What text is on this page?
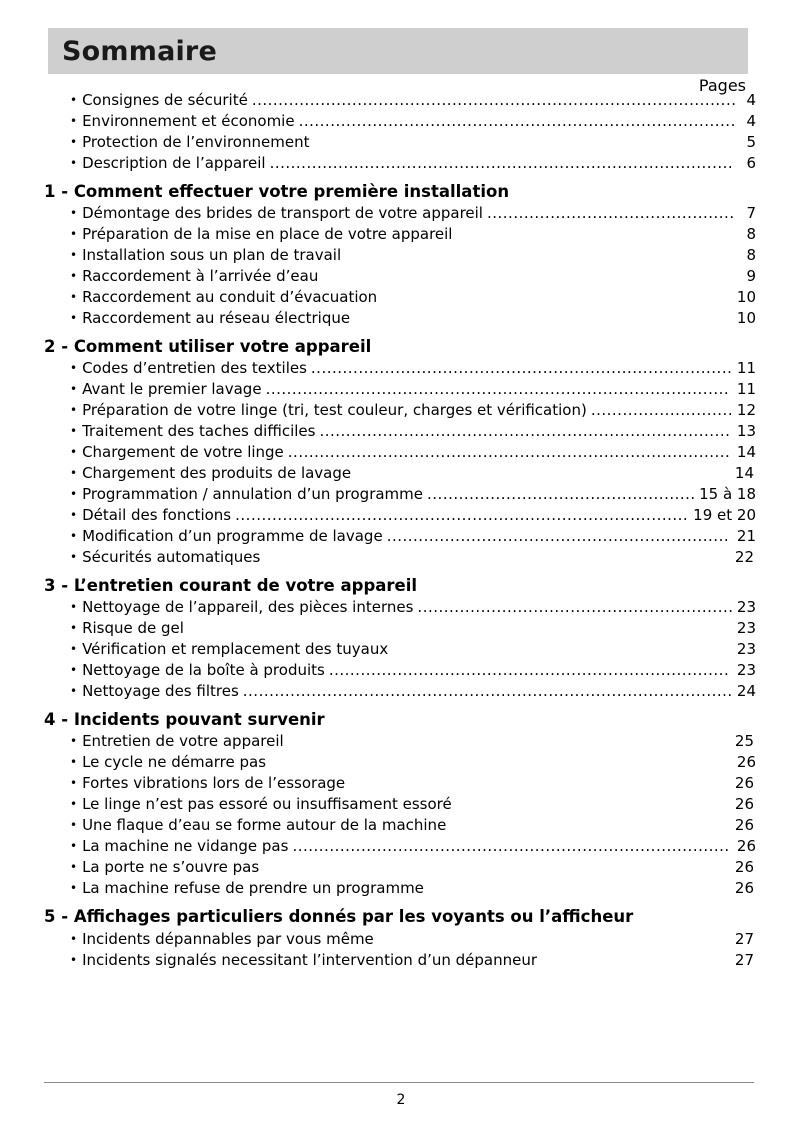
Sommaire
Pages
• Consignes de sécurité ............................................................................................ 4
• Environnement et économie ................................................................................... 4
• Protection de l’environnement	5
• Description de l’appareil ........................................................................................ 6
1 - Comment effectuer votre première installation
• Démontage des brides de transport de votre appareil ............................................... 7
• Préparation de la mise en place de votre appareil	8
• Installation sous un plan de travail	8
• Raccordement à l’arrivée d’eau	9
• Raccordement au conduit d’évacuation	10
• Raccordement au réseau électrique	10
2 - Comment utiliser votre appareil
• Codes d’entretien des textiles ................................................................................ 11
• Avant le premier lavage ........................................................................................ 11
• Préparation de votre linge (tri, test couleur, charges et vérification) ........................... 12
• Traitement des taches difficiles .............................................................................. 13
• Chargement de votre linge .................................................................................... 14
• Chargement des produits de lavage	14
• Programmation / annulation d’un programme ................................................... 15 à 18
• Détail des fonctions ...................................................................................... 19 et 20
• Modification d’un programme de lavage ................................................................. 21
• Sécurités automatiques	22
3 - L’entretien courant de votre appareil
• Nettoyage de l’appareil, des pièces internes ............................................................ 23
• Risque de gel	23
• Vérification et remplacement des tuyaux	23
• Nettoyage de la boîte à produits ............................................................................ 23
• Nettoyage des filtres ............................................................................................. 24
4 - Incidents pouvant survenir
• Entretien de votre appareil	25
• Le cycle ne démarre pas	26
• Fortes vibrations lors de l’essorage	26
• Le linge n’est pas essoré ou insuffisament essoré	26
• Une flaque d’eau se forme autour de la machine	26
• La machine ne vidange pas ................................................................................... 26
• La porte ne s’ouvre pas	26
• La machine refuse de prendre un programme	26
5 - Affichages particuliers donnés par les voyants ou l’afficheur
• Incidents dépannables par vous même	27
• Incidents signalés necessitant l’intervention d’un dépanneur	27
2
